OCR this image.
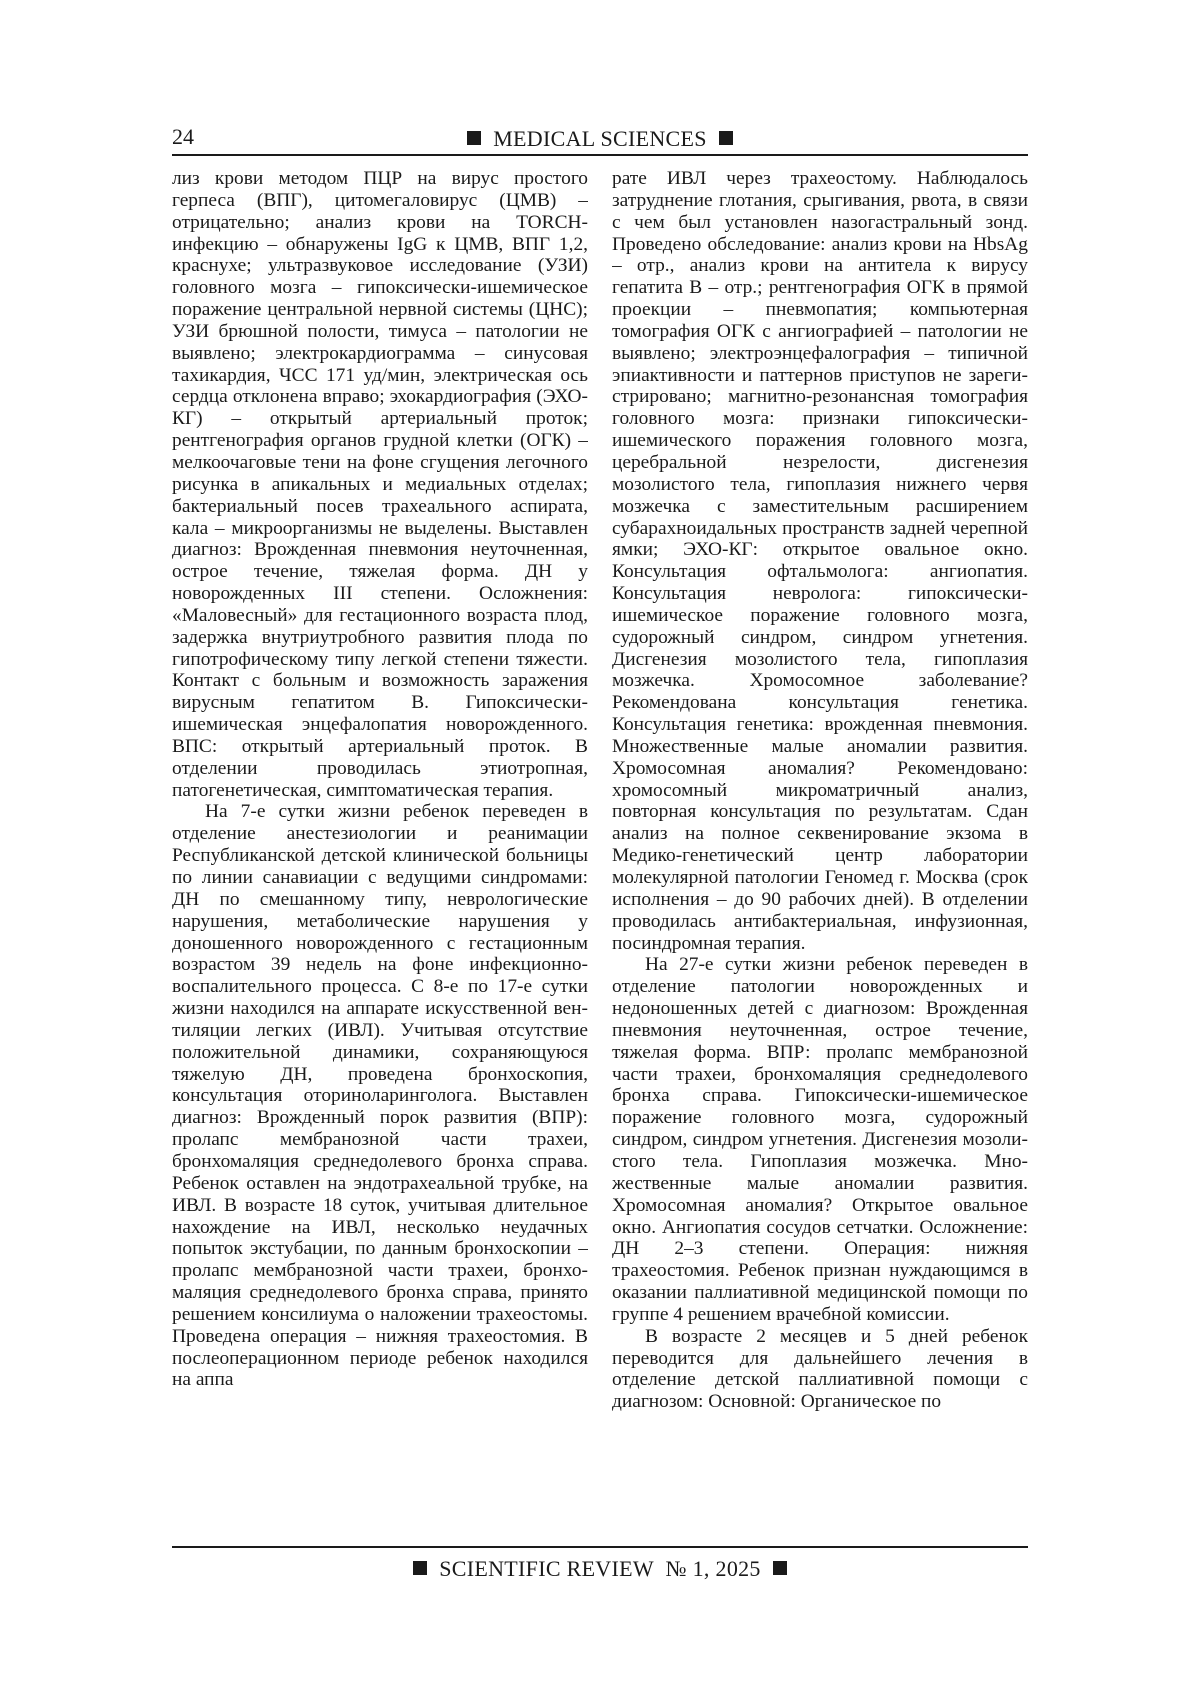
24	MEDICAL SCIENCES

лиз крови методом ПЦР на вирус простого герпеса (ВПГ), цитомегаловирус (ЦМВ) – отрицательно; анализ крови на TORCH-инфекцию – обнаружены IgG к ЦМВ, ВПГ 1,2, краснухе; ультразвуковое исследование (УЗИ) головного мозга – гипоксически-ишемическое поражение центральной нервной системы (ЦНС); УЗИ брюшной полости, тимуса – патологии не выявлено; электрокардиограмма – синусовая тахикардия, ЧСС 171 уд/мин, электрическая ось сердца отклонена вправо; эхокардиография (ЭХО-КГ) – открытый артериальный проток; рентгенография органов грудной клетки (ОГК) – мелкоочаговые тени на фоне сгущения легочного рисунка в апикальных и медиальных отделах; бактериальный посев трахеального аспирата, кала – микроорганизмы не выделены. Выставлен диагноз: Врожденная пневмония неуточненная, острое течение, тяжелая форма. ДН у новорожденных III степени. Осложнения: «Маловесный» для гестационного возраста плод, задержка внутриутробного развития плода по гипотрофическому типу легкой степени тяжести. Контакт с больным и возможность заражения вирусным гепатитом В. Гипоксически-ишемическая энцефалопатия новорожденного. ВПС: открытый артериальный проток. В отделении проводилась этиотропная, патогенетическая, симптоматическая терапия.

На 7-е сутки жизни ребенок переведен в отделение анестезиологии и реанимации Республиканской детской клинической больницы по линии санавиации с ведущими синдромами: ДН по смешанному типу, неврологические нарушения, метаболические нарушения у доношенного новорожденного с гестационным возрастом 39 недель на фоне инфекционно-воспалительного процесса. С 8-е по 17-е сутки жизни находился на аппарате искусственной вентиляции легких (ИВЛ). Учитывая отсутствие положительной динамики, сохраняющуюся тяжелую ДН, проведена бронхоскопия, консультация оториноларинголога. Выставлен диагноз: Врожденный порок развития (ВПР): пролапс мембранозной части трахеи, бронхомаляция среднедолевого бронха справа. Ребенок оставлен на эндотрахеальной трубке, на ИВЛ. В возрасте 18 суток, учитывая длительное нахождение на ИВЛ, несколько неудачных попыток экстубации, по данным бронхоскопии – пролапс мембранозной части трахеи, бронхомаляция среднедолевого бронха справа, принято решением консилиума о наложении трахеостомы. Проведена операция – нижняя трахеостомия. В послеоперационном периоде ребенок находился на аппа

рате ИВЛ через трахеостому. Наблюдалось затруднение глотания, срыгивания, рвота, в связи с чем был установлен назогастральный зонд. Проведено обследование: анализ крови на HbsAg – отр., анализ крови на антитела к вирусу гепатита В – отр.; рентгенография ОГК в прямой проекции – пневмопатия; компьютерная томография ОГК с ангиографией – патологии не выявлено; электроэнцефалография – типичной эпиактивности и паттернов приступов не зарегистрировано; магнитно-резонансная томография головного мозга: признаки гипоксически-ишемического поражения головного мозга, церебральной незрелости, дисгенезия мозолистого тела, гипоплазия нижнего червя мозжечка с заместительным расширением субарахноидальных пространств задней черепной ямки; ЭХО-КГ: открытое овальное окно. Консультация офтальмолога: ангиопатия. Консультация невролога: гипоксически-ишемическое поражение головного мозга, судорожный синдром, синдром угнетения. Дисгенезия мозолистого тела, гипоплазия мозжечка. Хромосомное заболевание? Рекомендована консультация генетика. Консультация генетика: врожденная пневмония. Множественные малые аномалии развития. Хромосомная аномалия? Рекомендовано: хромосомный микроматричный анализ, повторная консультация по результатам. Сдан анализ на полное секвенирование экзома в Медико-генетический центр лаборатории молекулярной патологии Геномед г. Москва (срок исполнения – до 90 рабочих дней). В отделении проводилась антибактериальная, инфузионная, посиндромная терапия.

На 27-е сутки жизни ребенок переведен в отделение патологии новорожденных и недоношенных детей с диагнозом: Врожденная пневмония неуточненная, острое течение, тяжелая форма. ВПР: пролапс мембранозной части трахеи, бронхомаляция среднедолевого бронха справа. Гипоксически-ишемическое поражение головного мозга, судорожный синдром, синдром угнетения. Дисгенезия мозолистого тела. Гипоплазия мозжечка. Множественные малые аномалии развития. Хромосомная аномалия? Открытое овальное окно. Ангиопатия сосудов сетчатки. Осложнение: ДН 2–3 степени. Операция: нижняя трахеостомия. Ребенок признан нуждающимся в оказании паллиативной медицинской помощи по группе 4 решением врачебной комиссии.

В возрасте 2 месяцев и 5 дней ребенок переводится для дальнейшего лечения в отделение детской паллиативной помощи с диагнозом: Основной: Органическое по

SCIENTIFIC REVIEW № 1, 2025
